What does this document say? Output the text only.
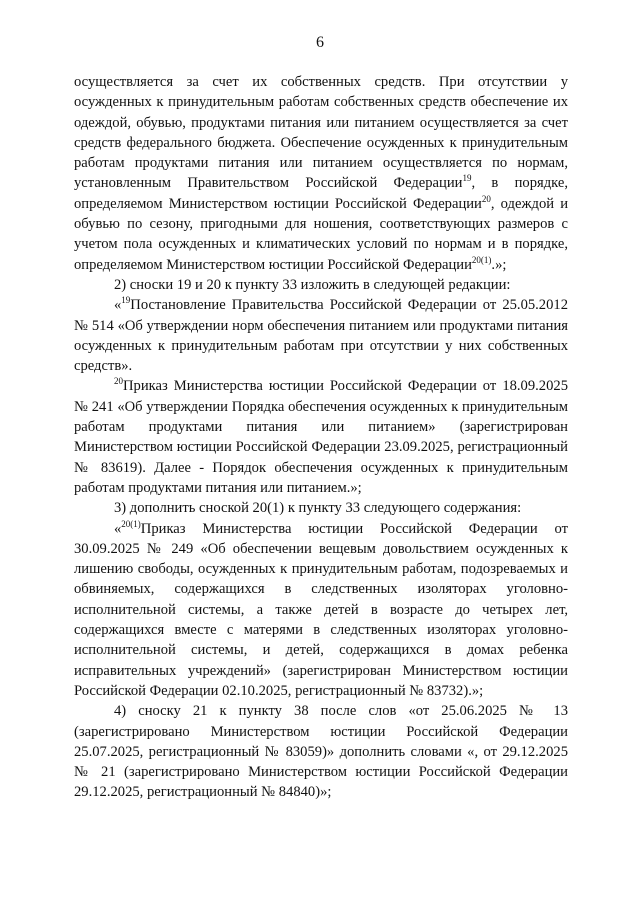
6

осуществляется за счет их собственных средств. При отсутствии у осужденных к принудительным работам собственных средств обеспечение их одеждой, обувью, продуктами питания или питанием осуществляется за счет средств федерального бюджета. Обеспечение осужденных к принудительным работам продуктами питания или питанием осуществляется по нормам, установленным Правительством Российской Федерации$^{19}$, в порядке, определяемом Министерством юстиции Российской Федерации$^{20}$, одеждой и обувью по сезону, пригодными для ношения, соответствующих размеров с учетом пола осужденных и климатических условий по нормам и в порядке, определяемом Министерством юстиции Российской Федерации$^{20(1)}$.»;

2) сноски 19 и 20 к пункту 33 изложить в следующей редакции:

«$^{19}$Постановление Правительства Российской Федерации от 25.05.2012 № 514 «Об утверждении норм обеспечения питанием или продуктами питания осужденных к принудительным работам при отсутствии у них собственных средств».

$^{20}$Приказ Министерства юстиции Российской Федерации от 18.09.2025 № 241 «Об утверждении Порядка обеспечения осужденных к принудительным работам продуктами питания или питанием» (зарегистрирован Министерством юстиции Российской Федерации 23.09.2025, регистрационный № 83619). Далее - Порядок обеспечения осужденных к принудительным работам продуктами питания или питанием.»;

3) дополнить сноской 20(1) к пункту 33 следующего содержания:

«$^{20(1)}$Приказ Министерства юстиции Российской Федерации от 30.09.2025 № 249 «Об обеспечении вещевым довольствием осужденных к лишению свободы, осужденных к принудительным работам, подозреваемых и обвиняемых, содержащихся в следственных изоляторах уголовно-исполнительной системы, а также детей в возрасте до четырех лет, содержащихся вместе с матерями в следственных изоляторах уголовно-исполнительной системы, и детей, содержащихся в домах ребенка исправительных учреждений» (зарегистрирован Министерством юстиции Российской Федерации 02.10.2025, регистрационный № 83732).»;

4) сноску 21 к пункту 38 после слов «от 25.06.2025 № 13 (зарегистрировано Министерством юстиции Российской Федерации 25.07.2025, регистрационный № 83059)» дополнить словами «, от 29.12.2025 № 21 (зарегистрировано Министерством юстиции Российской Федерации 29.12.2025, регистрационный № 84840)»;
